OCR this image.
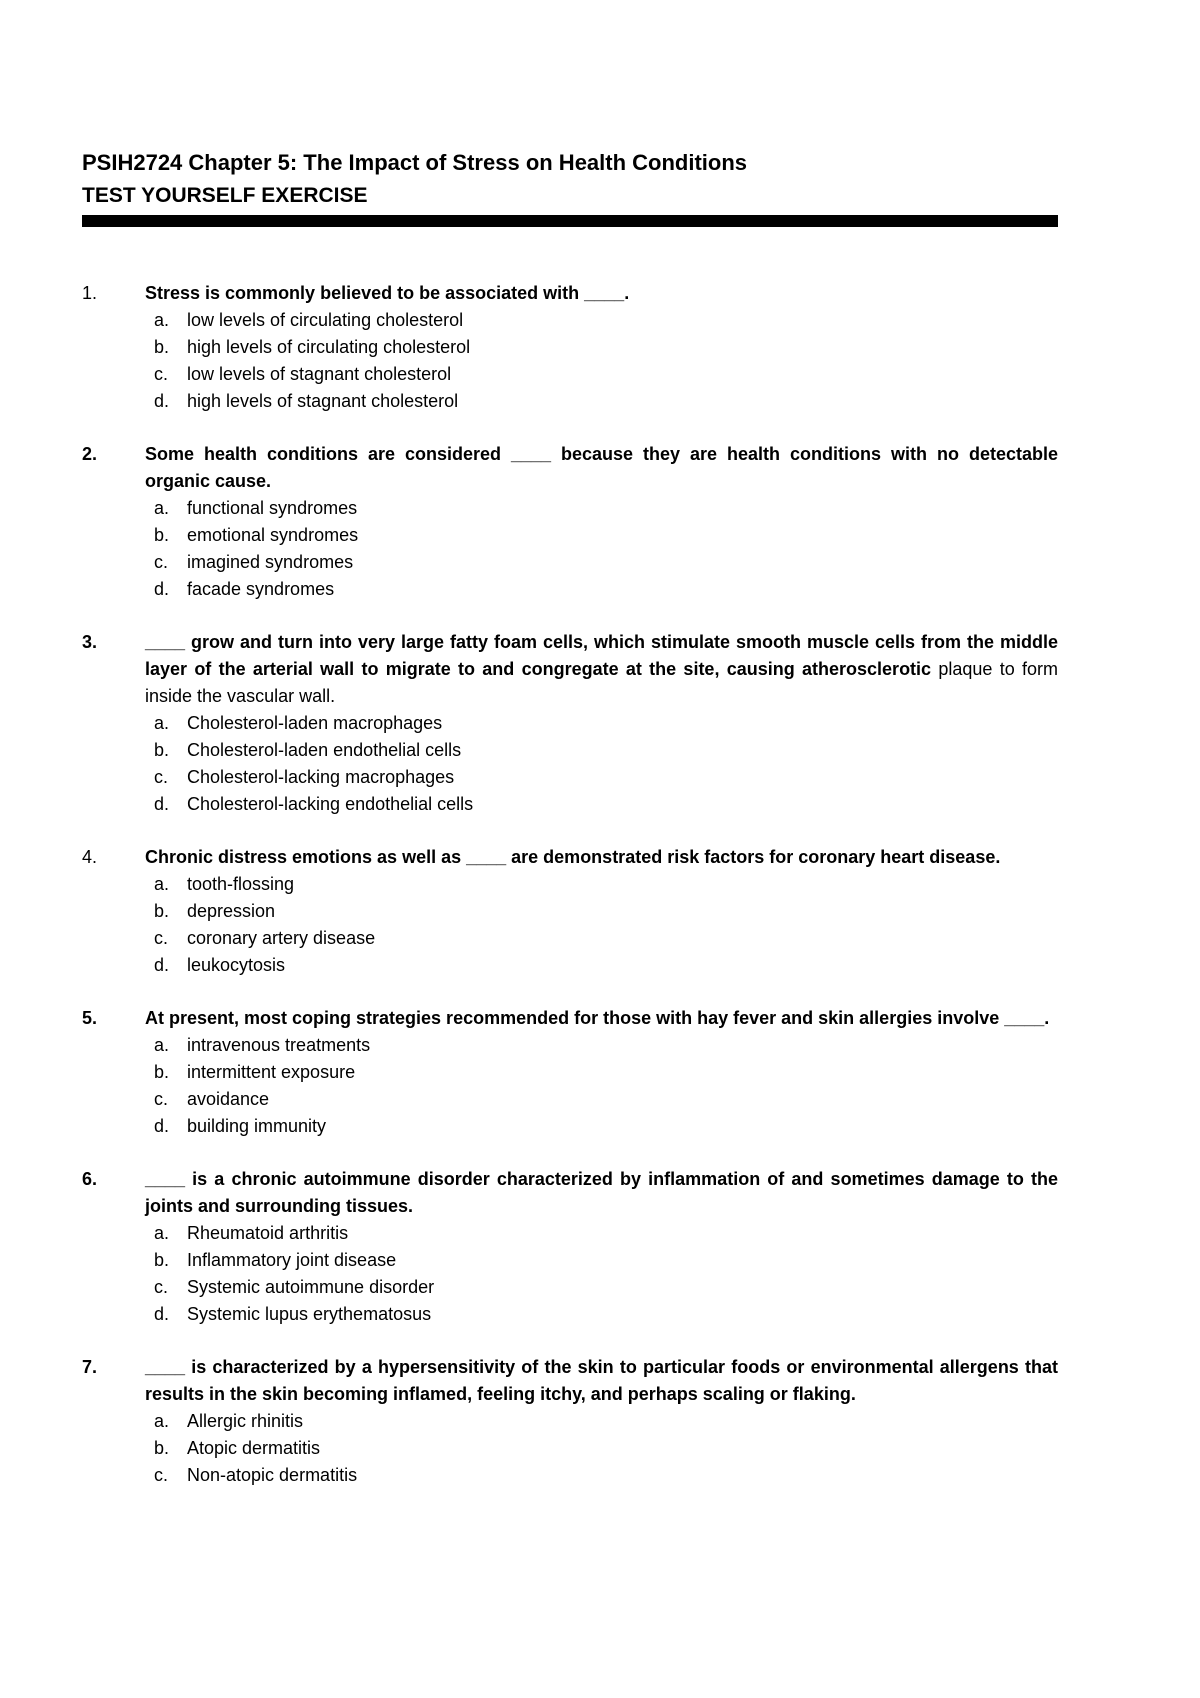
PSIH2724 Chapter 5: The Impact of Stress on Health Conditions
TEST YOURSELF EXERCISE
1.	Stress is commonly believed to be associated with ____.
a. low levels of circulating cholesterol
b. high levels of circulating cholesterol
c. low levels of stagnant cholesterol
d. high levels of stagnant cholesterol
2.	Some health conditions are considered ____ because they are health conditions with no detectable organic cause.
a. functional syndromes
b. emotional syndromes
c. imagined syndromes
d. facade syndromes
3.	____ grow and turn into very large fatty foam cells, which stimulate smooth muscle cells from the middle layer of the arterial wall to migrate to and congregate at the site, causing atherosclerotic plaque to form inside the vascular wall.
a. Cholesterol-laden macrophages
b. Cholesterol-laden endothelial cells
c. Cholesterol-lacking macrophages
d. Cholesterol-lacking endothelial cells
4.	Chronic distress emotions as well as ____ are demonstrated risk factors for coronary heart disease.
a. tooth-flossing
b. depression
c. coronary artery disease
d. leukocytosis
5.	At present, most coping strategies recommended for those with hay fever and skin allergies involve ____.
a. intravenous treatments
b. intermittent exposure
c. avoidance
d. building immunity
6.	____ is a chronic autoimmune disorder characterized by inflammation of and sometimes damage to the joints and surrounding tissues.
a. Rheumatoid arthritis
b. Inflammatory joint disease
c. Systemic autoimmune disorder
d. Systemic lupus erythematosus
7.	____ is characterized by a hypersensitivity of the skin to particular foods or environmental allergens that results in the skin becoming inflamed, feeling itchy, and perhaps scaling or flaking.
a. Allergic rhinitis
b. Atopic dermatitis
c. Non-atopic dermatitis
